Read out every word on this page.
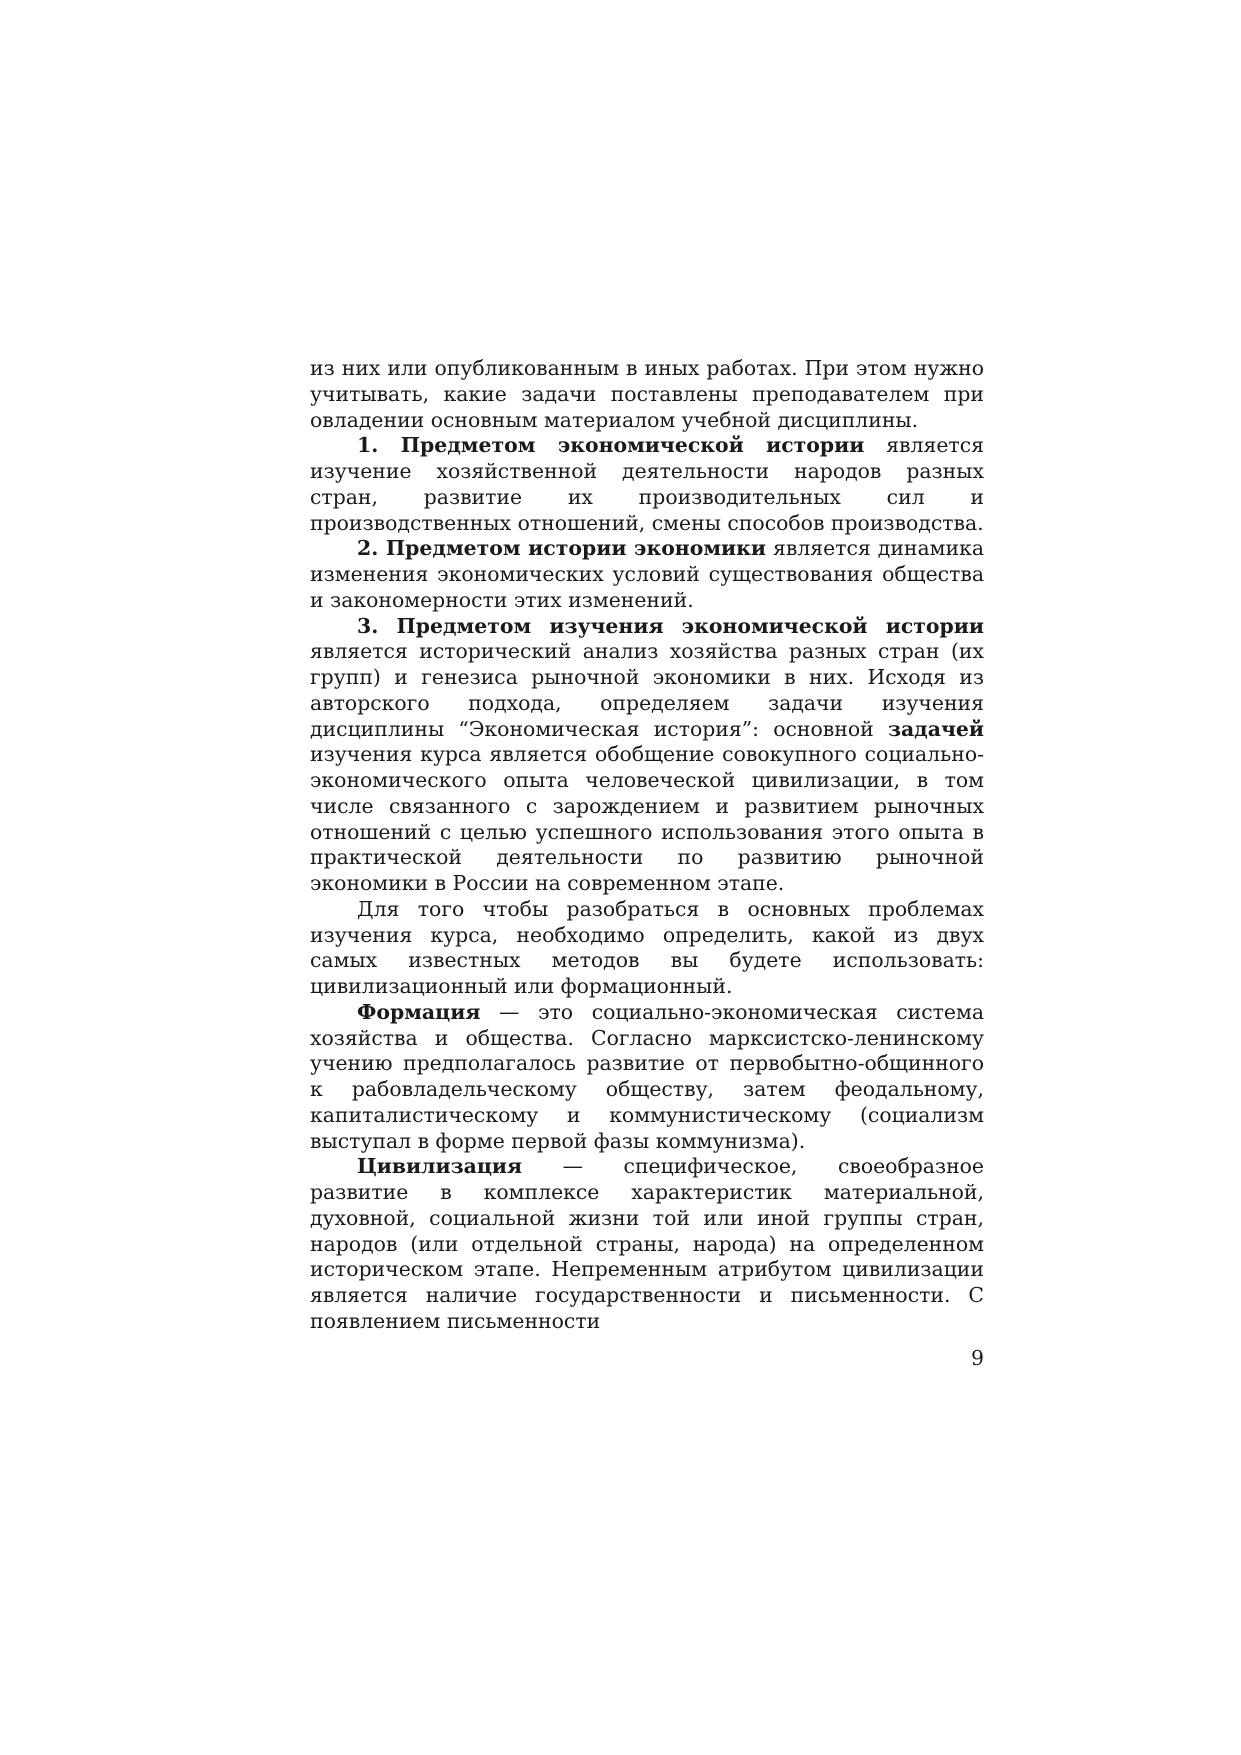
из них или опубликованным в иных работах. При этом нужно учитывать, какие задачи поставлены преподавателем при овладении основным материалом учебной дисциплины.

1. Предметом экономической истории является изучение хозяйственной деятельности народов разных стран, развитие их производительных сил и производственных отношений, смены способов производства.

2. Предметом истории экономики является динамика изменения экономических условий существования общества и закономерности этих изменений.

3. Предметом изучения экономической истории является исторический анализ хозяйства разных стран (их групп) и генезиса рыночной экономики в них. Исходя из авторского подхода, определяем задачи изучения дисциплины “Экономическая история”: основной задачей изучения курса является обобщение совокупного социально-экономического опыта человеческой цивилизации, в том числе связанного с зарождением и развитием рыночных отношений с целью успешного использования этого опыта в практической деятельности по развитию рыночной экономики в России на современном этапе.

Для того чтобы разобраться в основных проблемах изучения курса, необходимо определить, какой из двух самых известных методов вы будете использовать: цивилизационный или формационный.

Формация — это социально-экономическая система хозяйства и общества. Согласно марксистско-ленинскому учению предполагалось развитие от первобытно-общинного к рабовладельческому обществу, затем феодальному, капиталистическому и коммунистическому (социализм выступал в форме первой фазы коммунизма).

Цивилизация — специфическое, своеобразное развитие в комплексе характеристик материальной, духовной, социальной жизни той или иной группы стран, народов (или отдельной страны, народа) на определенном историческом этапе. Непременным атрибутом цивилизации является наличие государственности и письменности. С появлением письменности

9
